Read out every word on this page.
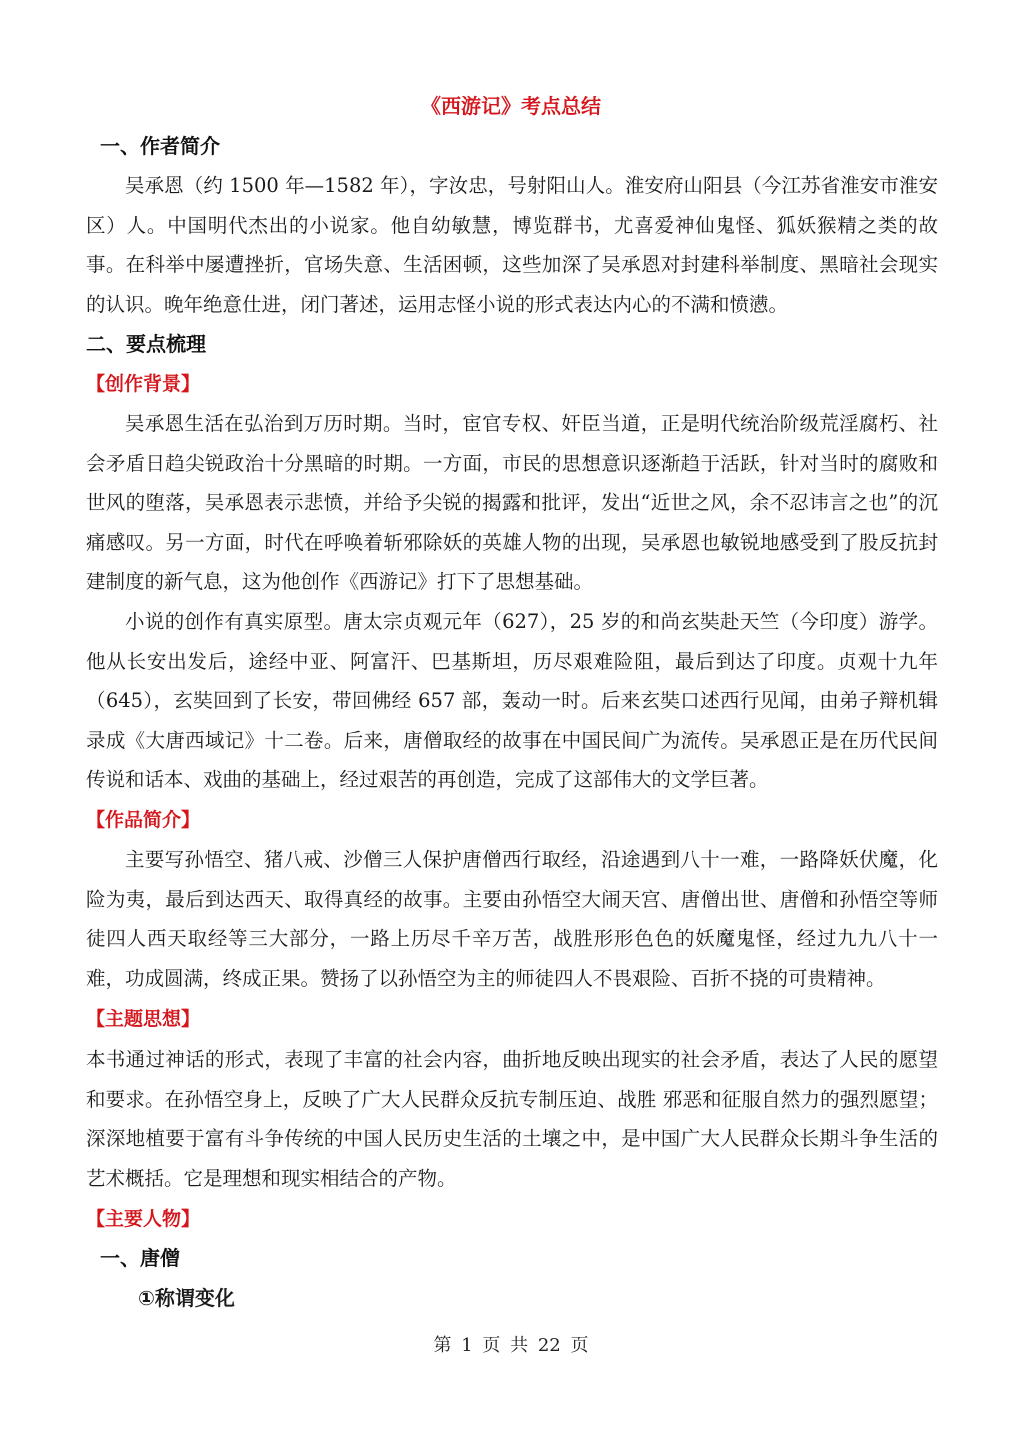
《西游记》考点总结
一、作者简介

吴承恩（约 1500 年—1582 年），字汝忠，号射阳山人。淮安府山阳县（今江苏省淮安市淮安区）人。中国明代杰出的小说家。他自幼敏慧，博览群书，尤喜爱神仙鬼怪、狐妖猴精之类的故事。在科举中屡遭挫折，官场失意、生活困顿，这些加深了吴承恩对封建科举制度、黑暗社会现实的认识。晚年绝意仕进，闭门著述，运用志怪小说的形式表达内心的不满和愤懑。

二、要点梳理
【创作背景】

吴承恩生活在弘治到万历时期。当时，宦官专权、奸臣当道，正是明代统治阶级荒淫腐朽、社会矛盾日趋尖锐政治十分黑暗的时期。一方面，市民的思想意识逐渐趋于活跃，针对当时的腐败和世风的堕落，吴承恩表示悲愤，并给予尖锐的揭露和批评，发出“近世之风，余不忍讳言之也”的沉痛感叹。另一方面，时代在呼唤着斩邪除妖的英雄人物的出现，吴承恩也敏锐地感受到了股反抗封建制度的新气息，这为他创作《西游记》打下了思想基础。

小说的创作有真实原型。唐太宗贞观元年（627），25 岁的和尚玄奘赴天竺（今印度）游学。他从长安出发后，途经中亚、阿富汗、巴基斯坦，历尽艰难险阻，最后到达了印度。贞观十九年（645），玄奘回到了长安，带回佛经 657 部，轰动一时。后来玄奘口述西行见闻，由弟子辩机辑录成《大唐西域记》十二卷。后来，唐僧取经的故事在中国民间广为流传。吴承恩正是在历代民间传说和话本、戏曲的基础上，经过艰苦的再创造，完成了这部伟大的文学巨著。

【作品简介】

主要写孙悟空、猪八戒、沙僧三人保护唐僧西行取经，沿途遇到八十一难，一路降妖伏魔，化险为夷，最后到达西天、取得真经的故事。主要由孙悟空大闹天宫、唐僧出世、唐僧和孙悟空等师徒四人西天取经等三大部分，一路上历尽千辛万苦，战胜形形色色的妖魔鬼怪，经过九九八十一难，功成圆满，终成正果。赞扬了以孙悟空为主的师徒四人不畏艰险、百折不挠的可贵精神。

【主题思想】

本书通过神话的形式，表现了丰富的社会内容，曲折地反映出现实的社会矛盾，表达了人民的愿望和要求。在孙悟空身上，反映了广大人民群众反抗专制压迫、战胜 邪恶和征服自然力的强烈愿望；深深地植要于富有斗争传统的中国人民历史生活的土壤之中，是中国广大人民群众长期斗争生活的艺术概括。它是理想和现实相结合的产物。

【主要人物】
一、唐僧
①称谓变化
第 1 页 共 22 页
